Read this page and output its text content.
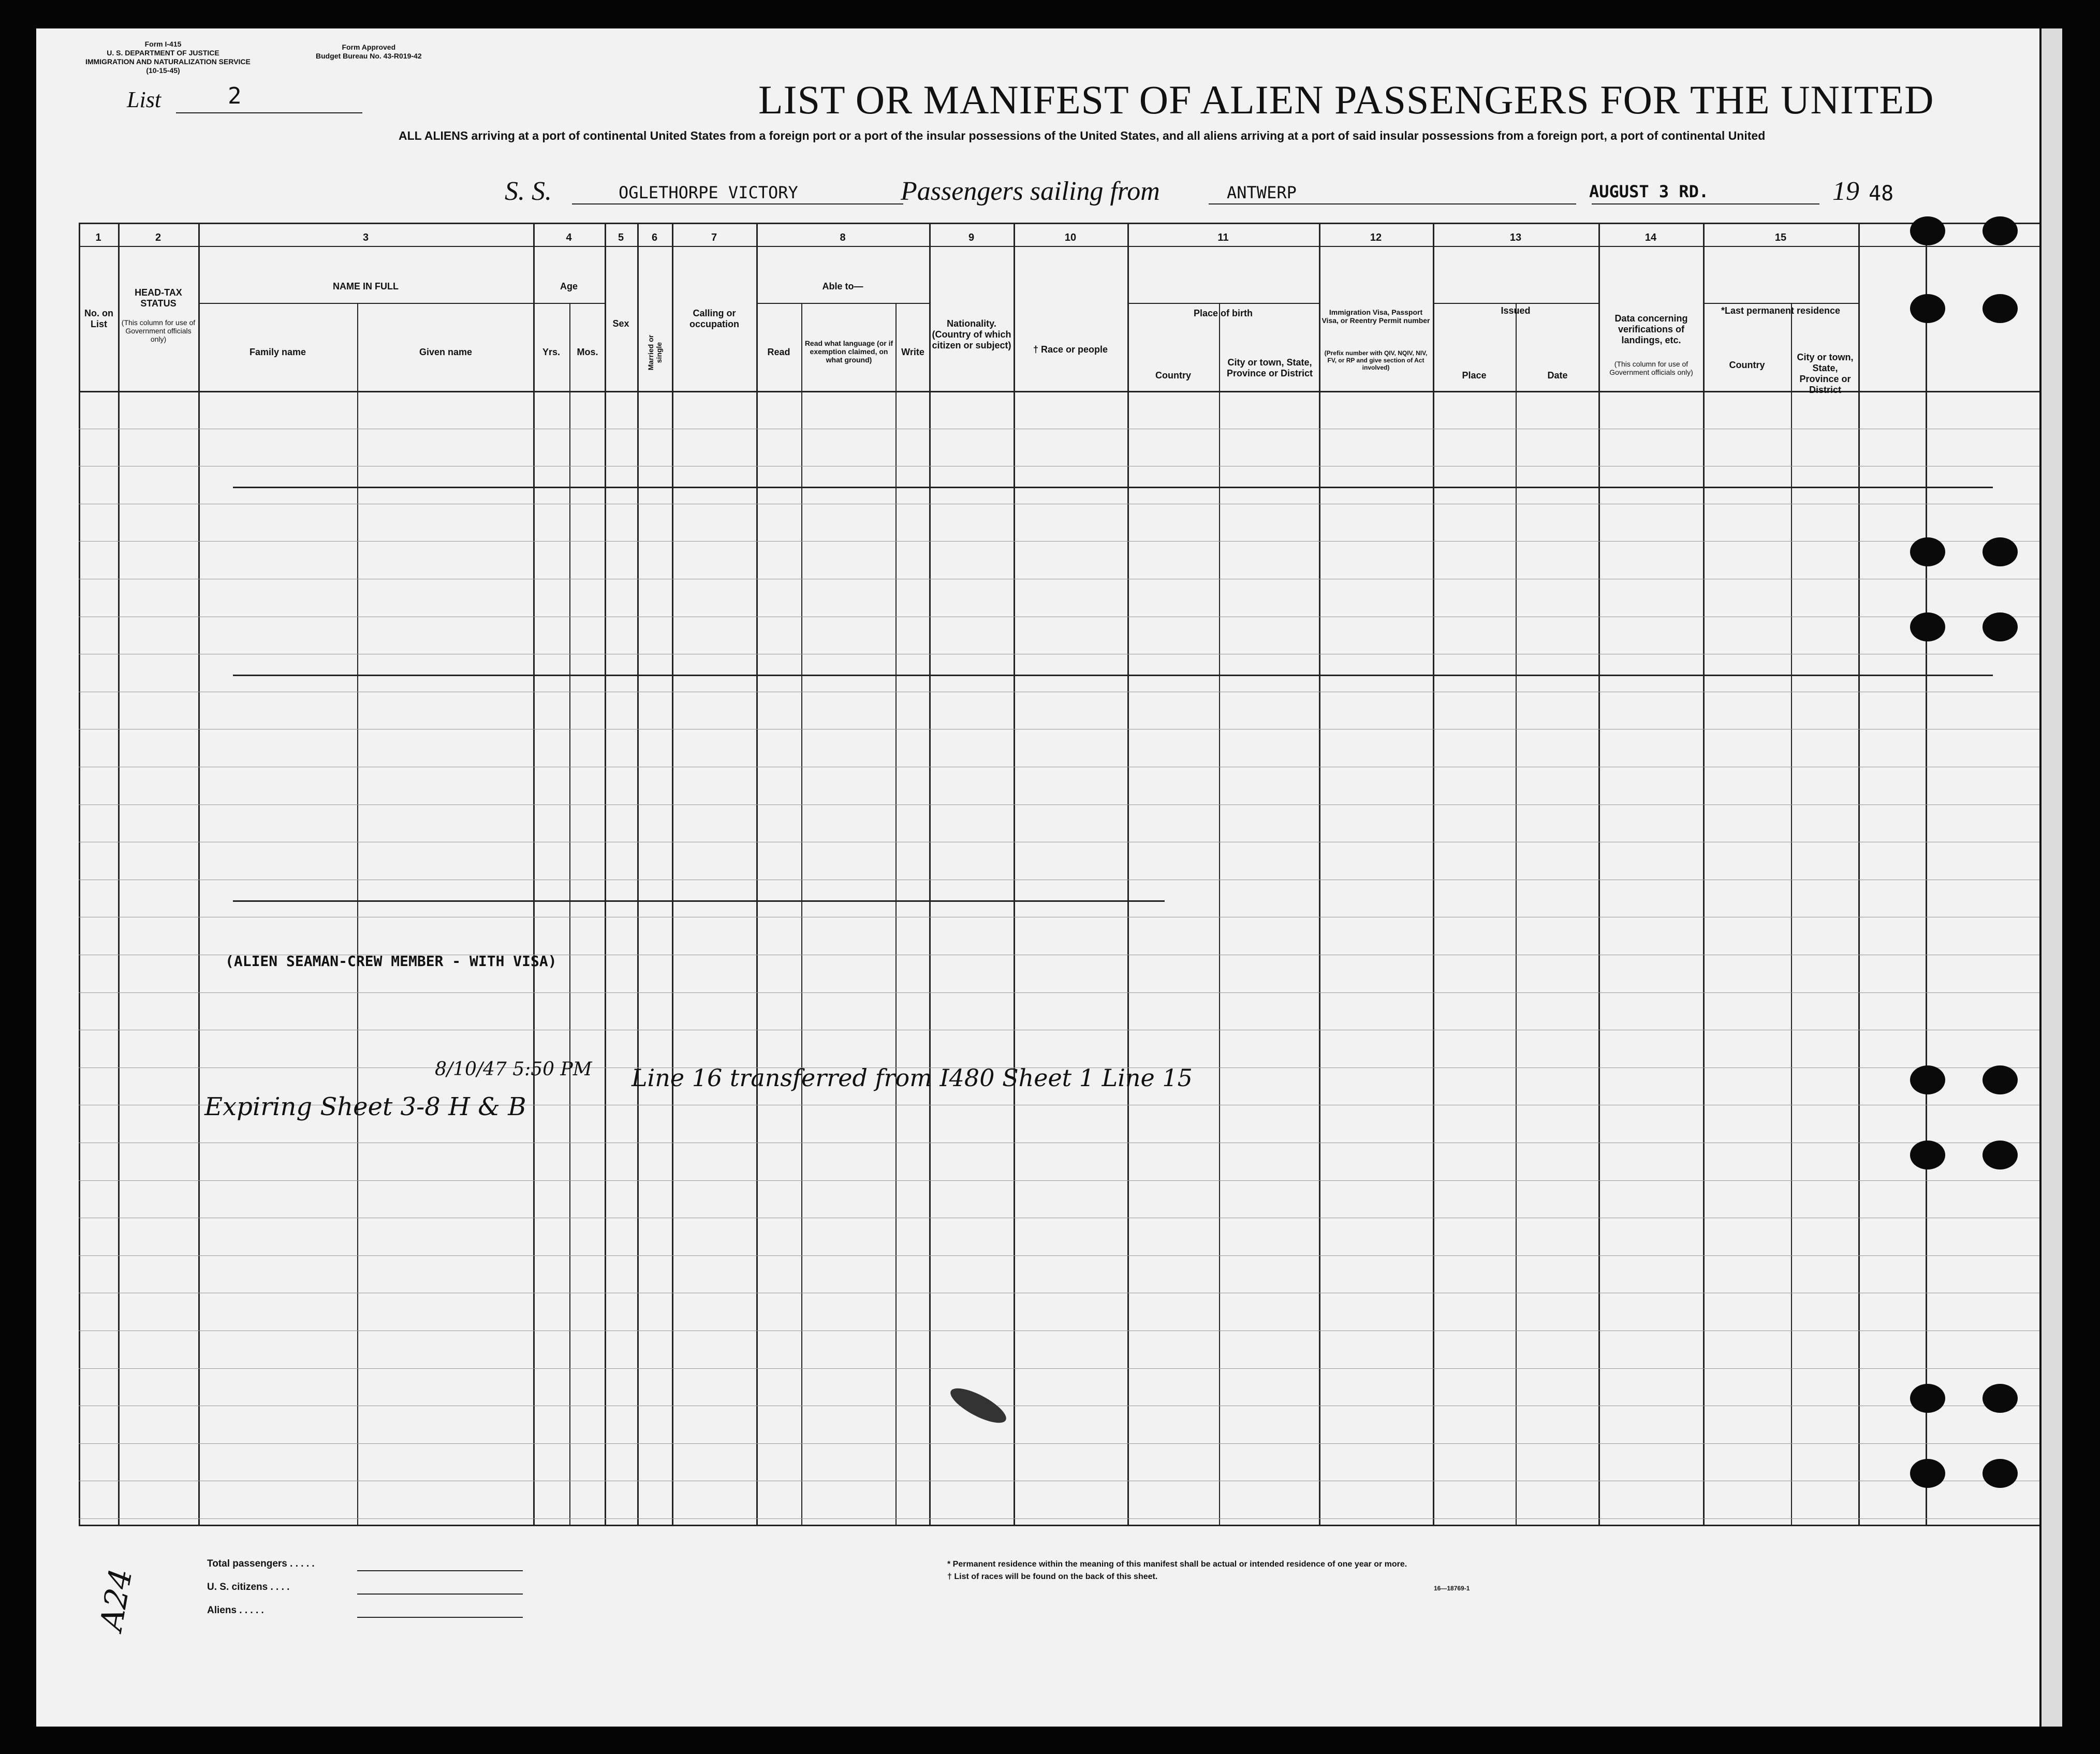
Form I-415
U. S. DEPARTMENT OF JUSTICE
IMMIGRATION AND NATURALIZATION SERVICE
(10-15-45)
Form Approved
Budget Bureau No. 43-R019-42
List	2	LIST OR MANIFEST OF ALIEN PASSENGERS FOR THE UNITED
ALL ALIENS arriving at a port of continental United States from a foreign port or a port of the insular possessions of the United States, and all aliens arriving at a port of said insular possessions from a foreign port, a port of continental United
S. S.	OGLETHORPE VICTORY	Passengers sailing from	ANTWERP	AUGUST 3 RD.	19 48
1	2	3	4	5	6	7	8	9	10	11	12	13	14	15
No. on List
HEAD-TAX STATUS
(This column for use of Government officials only)
NAME IN FULL
Family name	Given name
Age
Yrs.	Mos.
Sex
Married or single
Calling or occupation
Able to—
Read
Read what language (or if exemption claimed, on what ground)
Write
Nationality. (Country of which citizen or subject)	† Race or people
Place of birth
Country
City or town, State, Province or District
Immigration Visa, Passport Visa, or Reentry Permit number
(Prefix number with QIV, NQIV, NIV, FV, or RP and give section of Act involved)
Issued
Place	Date
Data concerning verifications of landings, etc.
(This column for use of Government officials only)
*Last permanent residence
Country
City or town, State, Province or District
(ALIEN SEAMAN-CREW MEMBER - WITH VISA)
Line 16 transferred from I480 Sheet 1 Line 15
8/10/47 5:50 PM
Expiring Sheet 3-8 H & B
A24
Total passengers . . . . .
U. S. citizens . . . .
Aliens . . . . .
* Permanent residence within the meaning of this manifest shall be actual or intended residence of one year or more.
† List of races will be found on the back of this sheet.
16—18769-1
